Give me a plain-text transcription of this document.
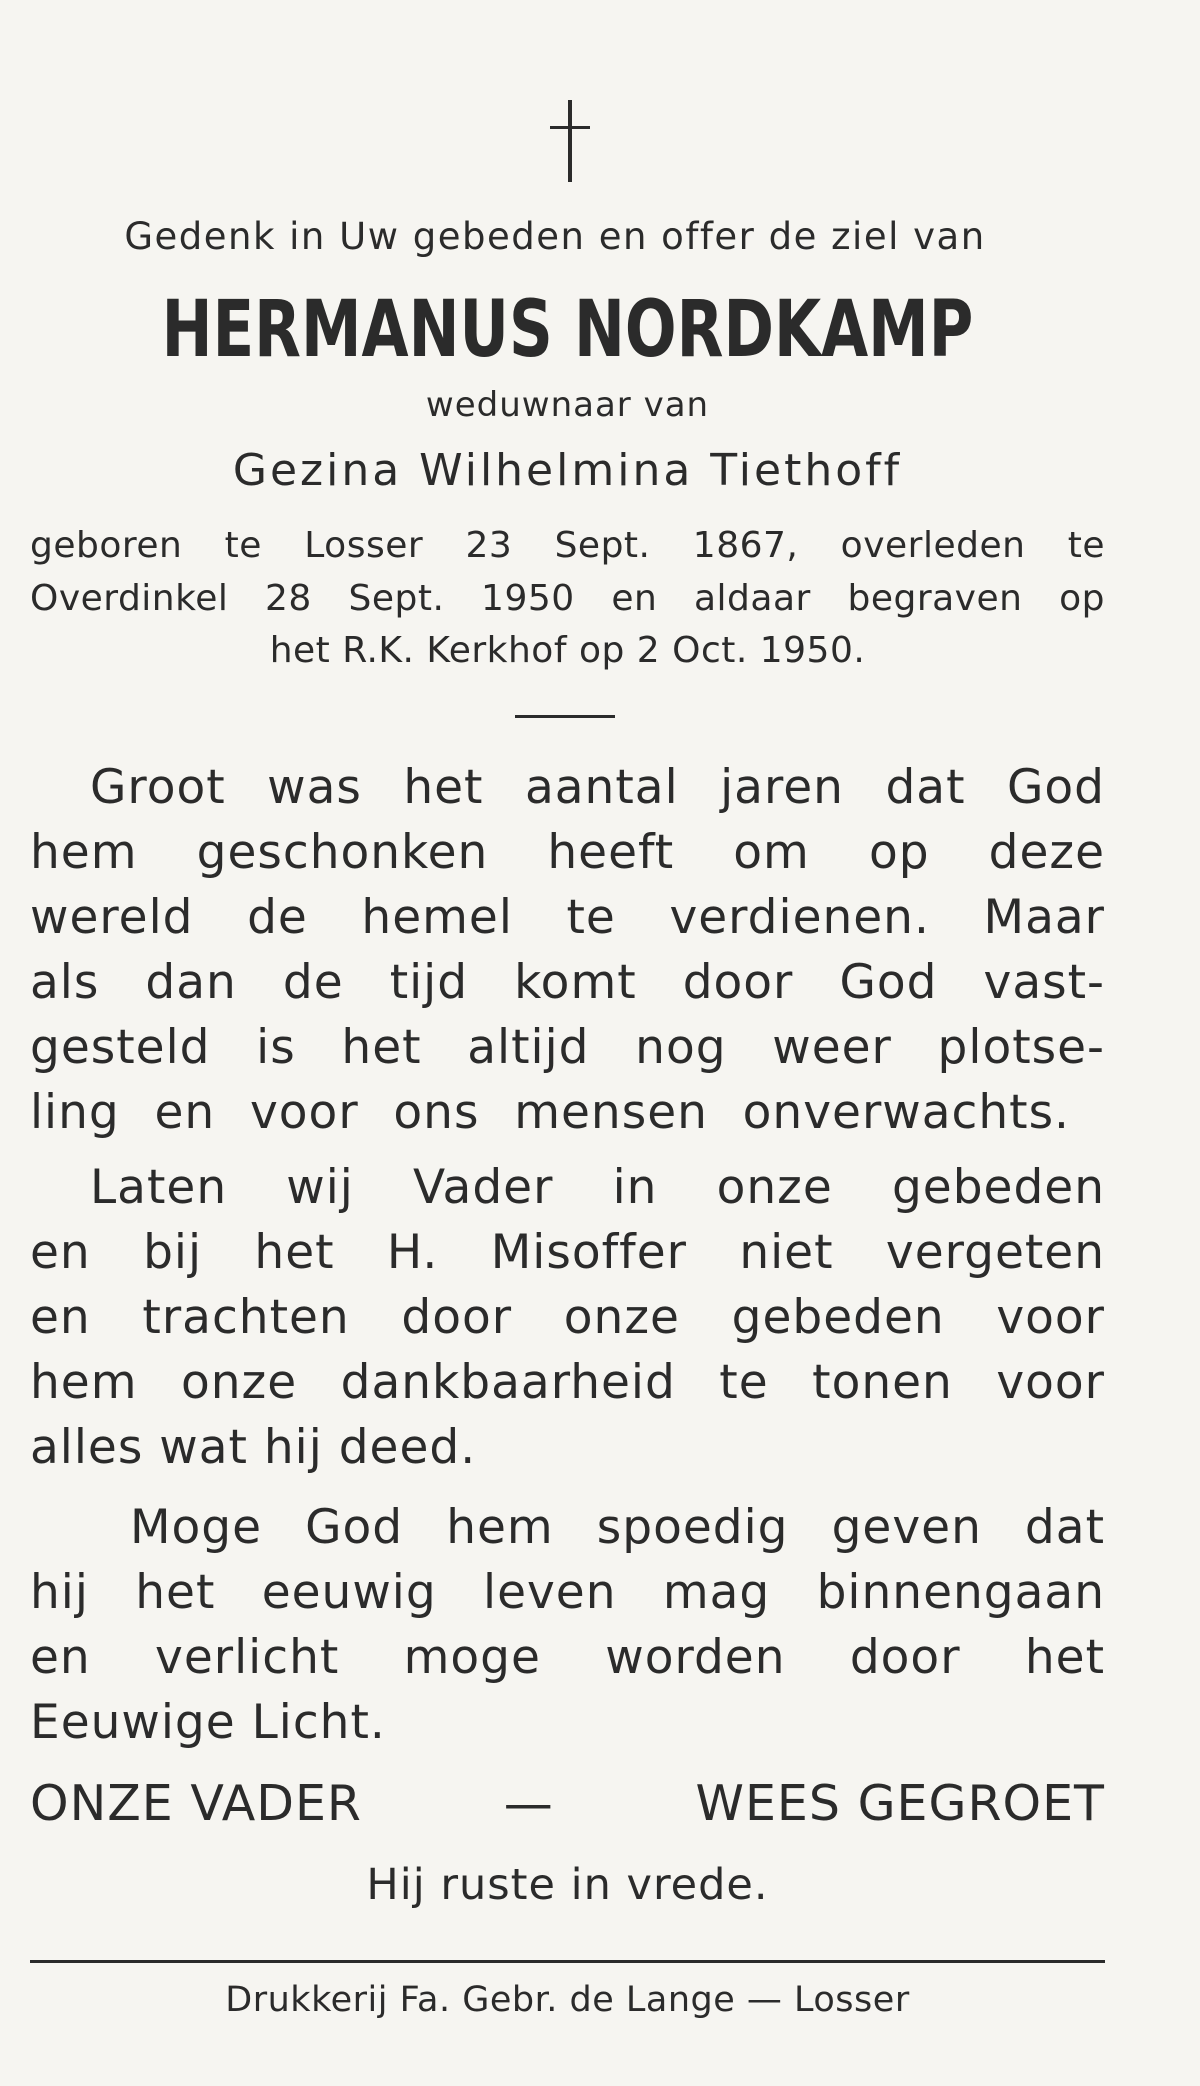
Gedenk in Uw gebeden en offer de ziel van
HERMANUS NORDKAMP
weduwnaar van
Gezina Wilhelmina Tiethoff
geboren te Losser 23 Sept. 1867, overleden te
Overdinkel 28 Sept. 1950 en aldaar begraven op
het R.K. Kerkhof op 2 Oct. 1950.
Groot was het aantal jaren dat God
hem geschonken heeft om op deze
wereld de hemel te verdienen. Maar
als dan de tijd komt door God vast-
gesteld is het altijd nog weer plotse-
ling en voor ons mensen onverwachts.
Laten wij Vader in onze gebeden
en bij het H. Misoffer niet vergeten
en trachten door onze gebeden voor
hem onze dankbaarheid te tonen voor
alles wat hij deed.
Moge God hem spoedig geven dat
hij het eeuwig leven mag binnengaan
en verlicht moge worden door het
Eeuwige Licht.
ONZE VADER	—	WEES GEGROET
Hij ruste in vrede.
Drukkerij Fa. Gebr. de Lange — Losser
